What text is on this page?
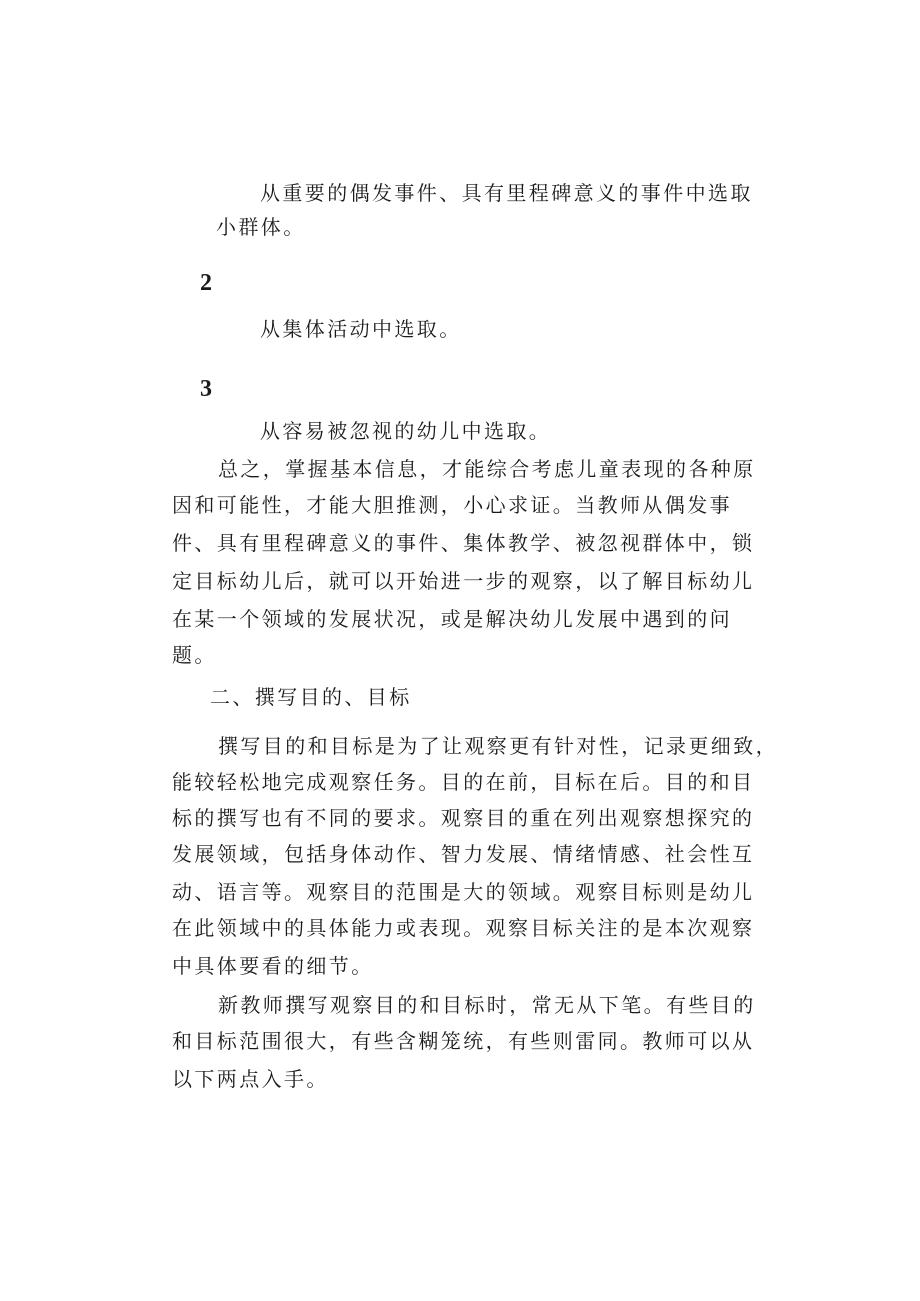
从重要的偶发事件、具有里程碑意义的事件中选取

小群体。

2

从集体活动中选取。

3

从容易被忽视的幼儿中选取。

总之，掌握基本信息，才能综合考虑儿童表现的各种原

因和可能性，才能大胆推测，小心求证。当教师从偶发事

件、具有里程碑意义的事件、集体教学、被忽视群体中，锁

定目标幼儿后，就可以开始进一步的观察，以了解目标幼儿

在某一个领域的发展状况，或是解决幼儿发展中遇到的问

题。

二、撰写目的、目标

撰写目的和目标是为了让观察更有针对性，记录更细致，

能较轻松地完成观察任务。目的在前，目标在后。目的和目

标的撰写也有不同的要求。观察目的重在列出观察想探究的

发展领域，包括身体动作、智力发展、情绪情感、社会性互

动、语言等。观察目的范围是大的领域。观察目标则是幼儿

在此领域中的具体能力或表现。观察目标关注的是本次观察

中具体要看的细节。

新教师撰写观察目的和目标时，常无从下笔。有些目的

和目标范围很大，有些含糊笼统，有些则雷同。教师可以从

以下两点入手。
